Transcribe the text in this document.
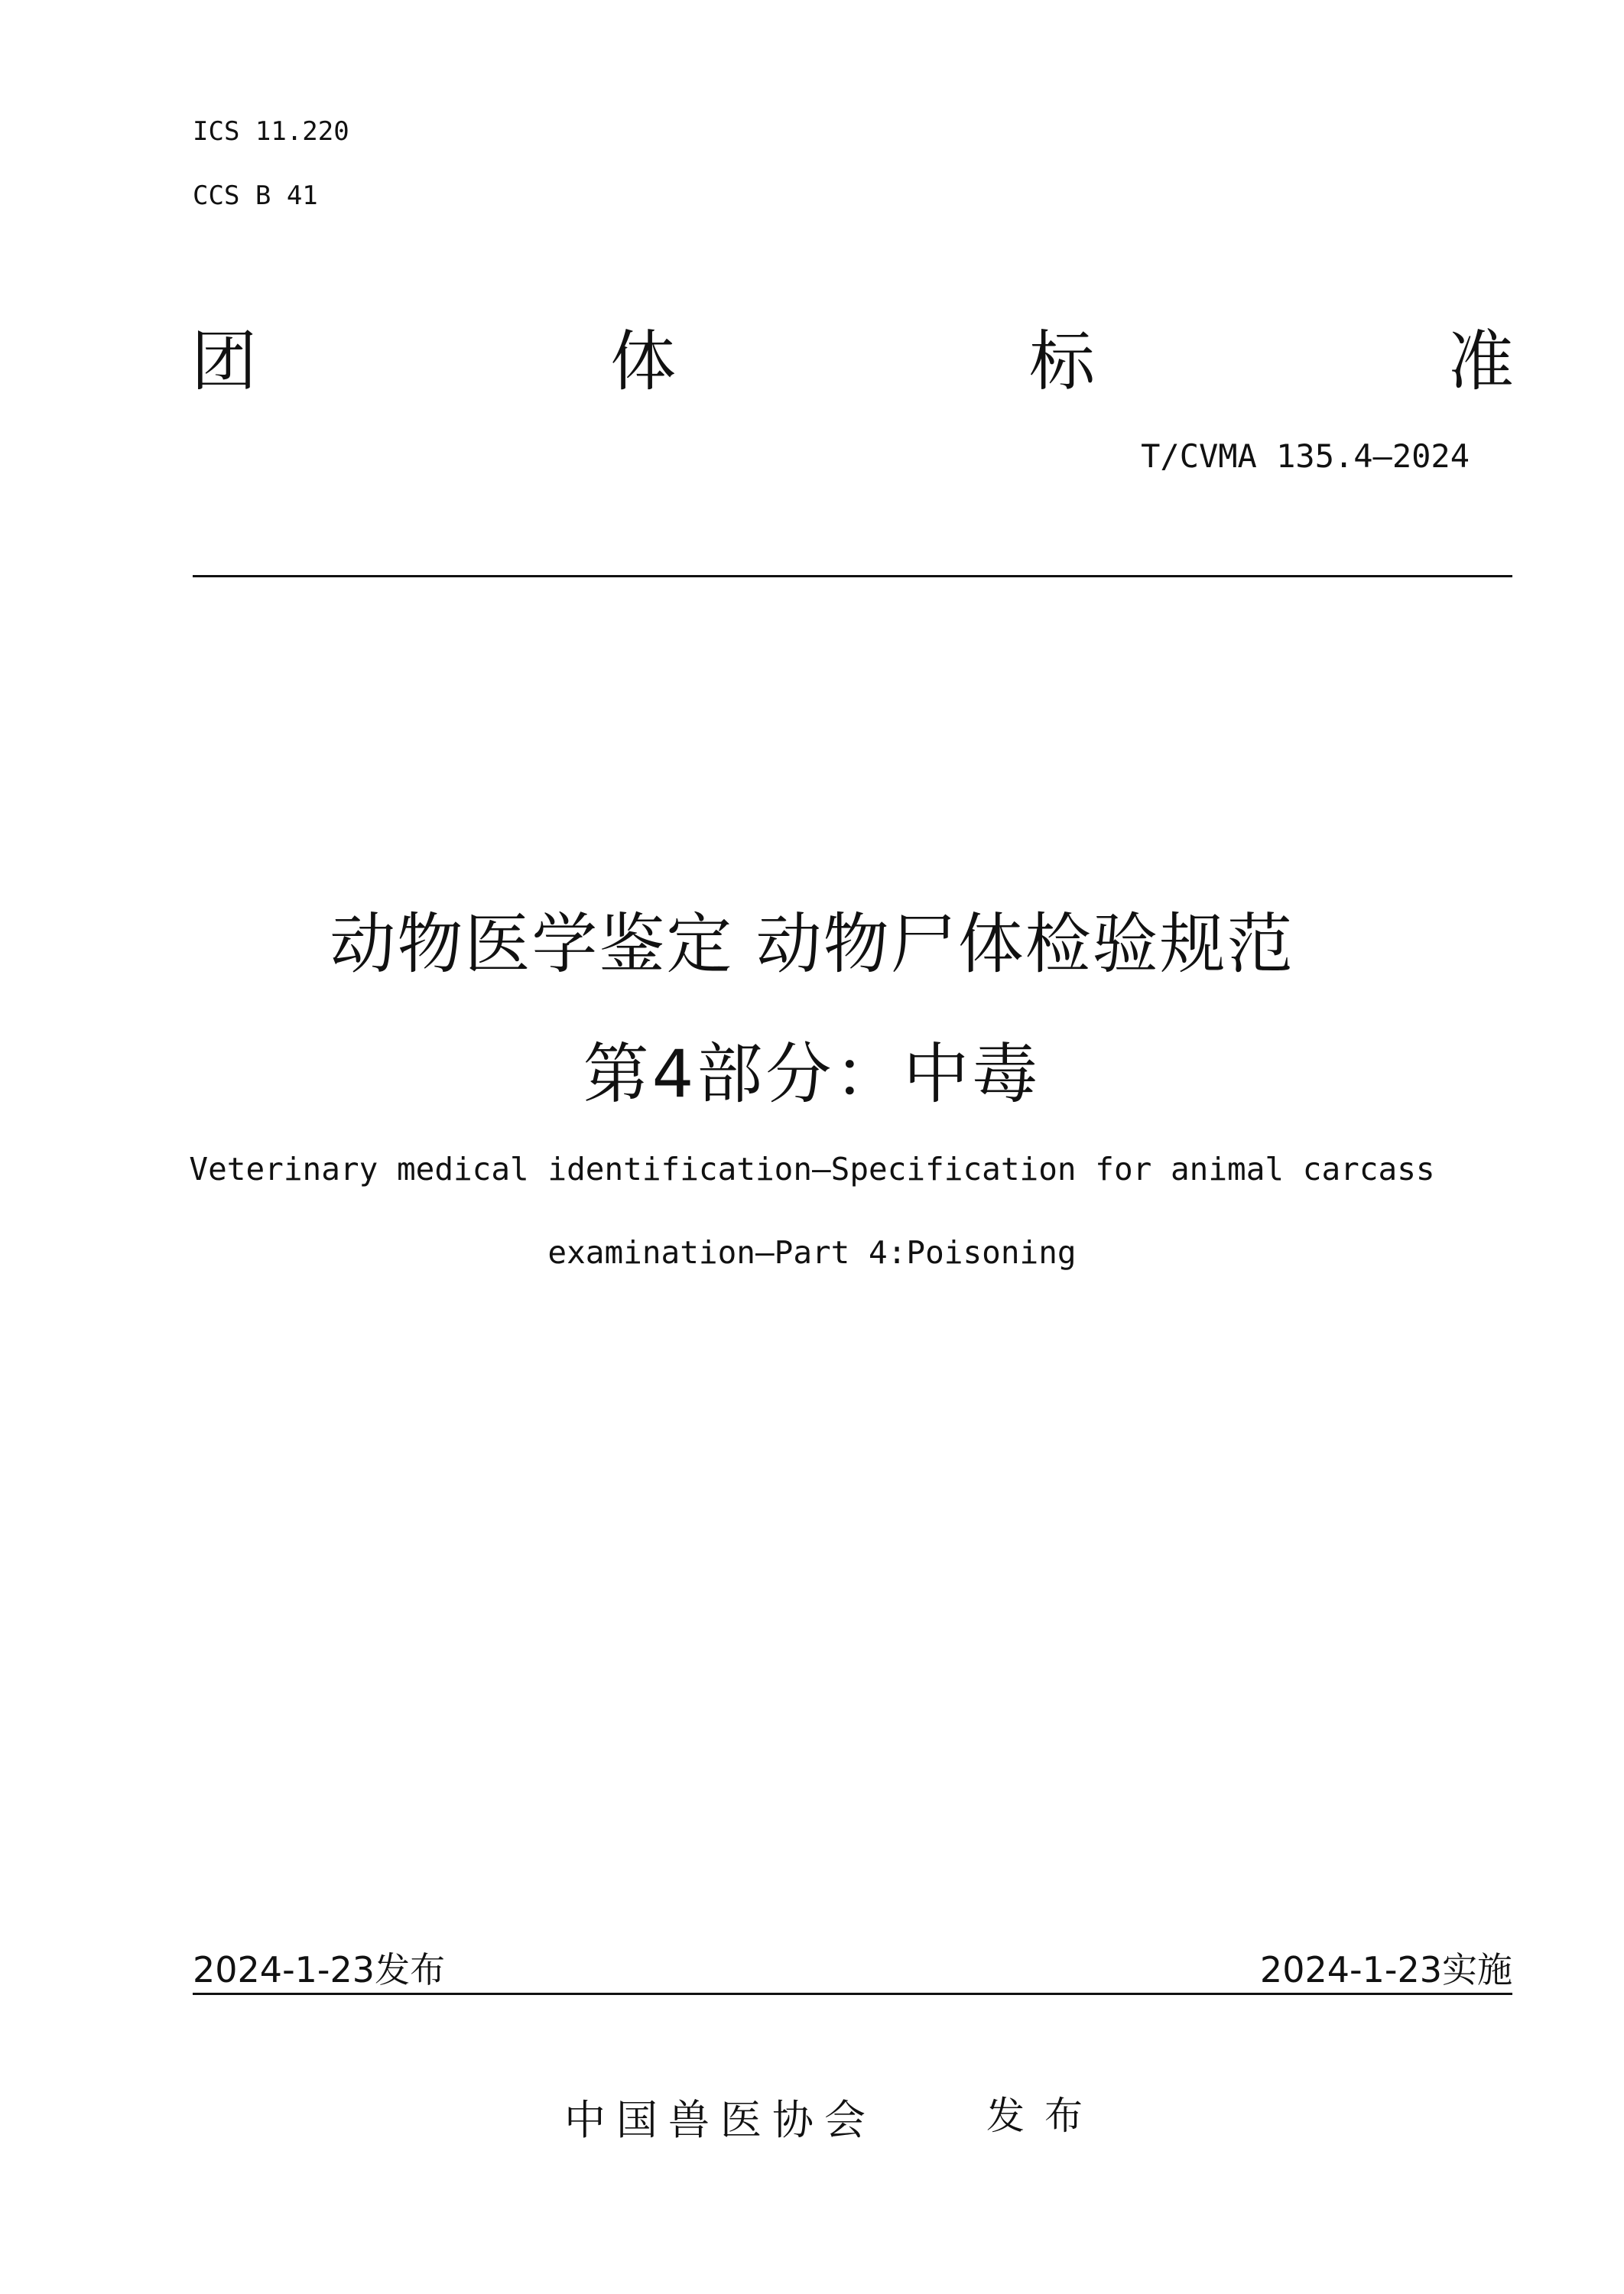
ICS 11.220
CCS B 41
团	体	标	准
T/CVMA 135.4—2024
动物医学鉴定 动物尸体检验规范
第4部分：中毒
Veterinary medical identification—Specification for animal carcass
examination—Part 4:Poisoning
2024-1-23发布	2024-1-23实施
中国兽医协会	发布
